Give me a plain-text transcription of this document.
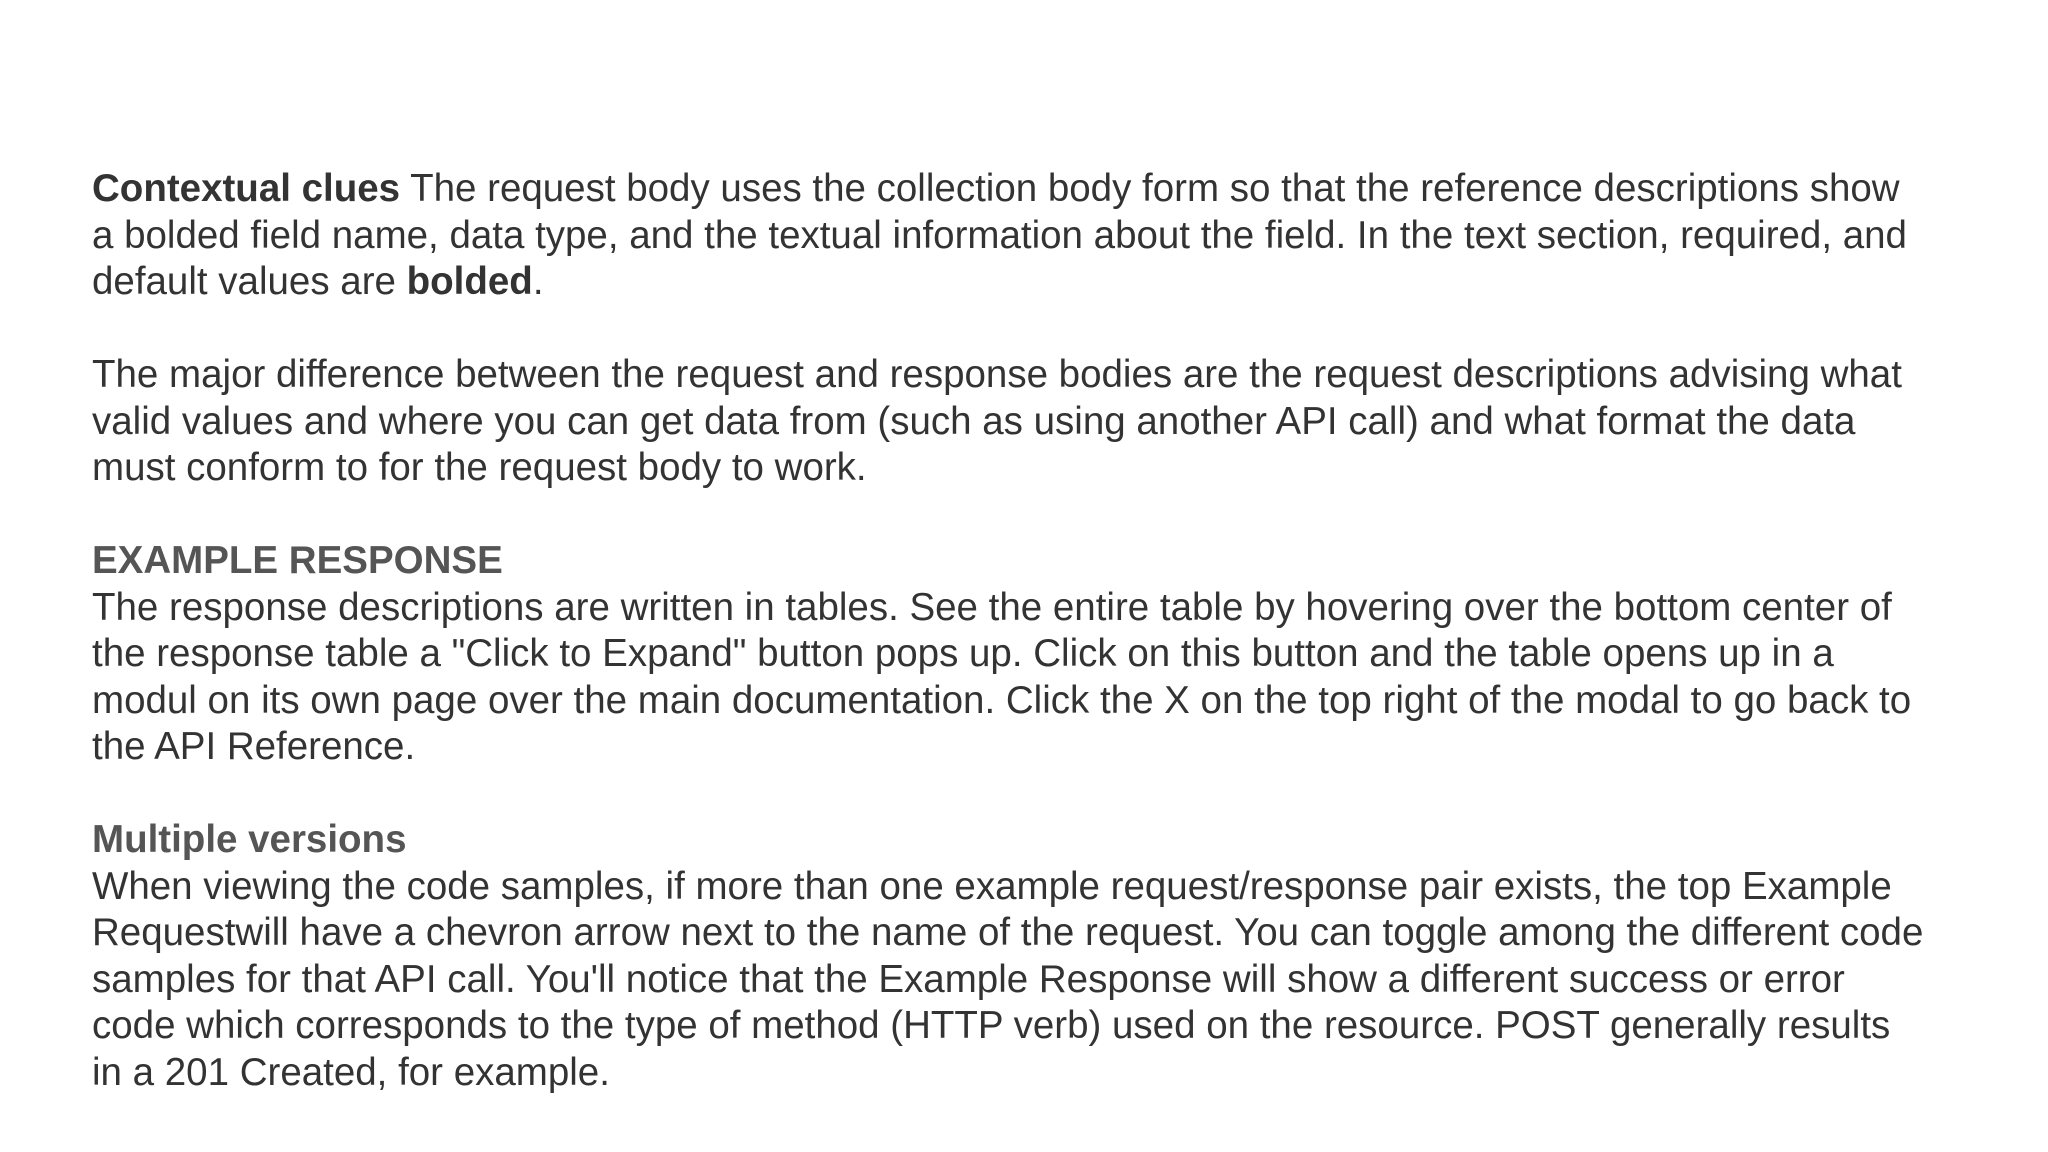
Contextual clues The request body uses the collection body form so that the reference descriptions show
a bolded field name, data type, and the textual information about the field. In the text section, required, and
default values are bolded.
The major difference between the request and response bodies are the request descriptions advising what
valid values and where you can get data from (such as using another API call) and what format the data
must conform to for the request body to work.
EXAMPLE RESPONSE
The response descriptions are written in tables. See the entire table by hovering over the bottom center of
the response table a "Click to Expand" button pops up. Click on this button and the table opens up in a
modul on its own page over the main documentation. Click the X on the top right of the modal to go back to
the API Reference.
Multiple versions
When viewing the code samples, if more than one example request/response pair exists, the top Example
Requestwill have a chevron arrow next to the name of the request. You can toggle among the different code
samples for that API call. You'll notice that the Example Response will show a different success or error
code which corresponds to the type of method (HTTP verb) used on the resource. POST generally results
in a 201 Created, for example.
